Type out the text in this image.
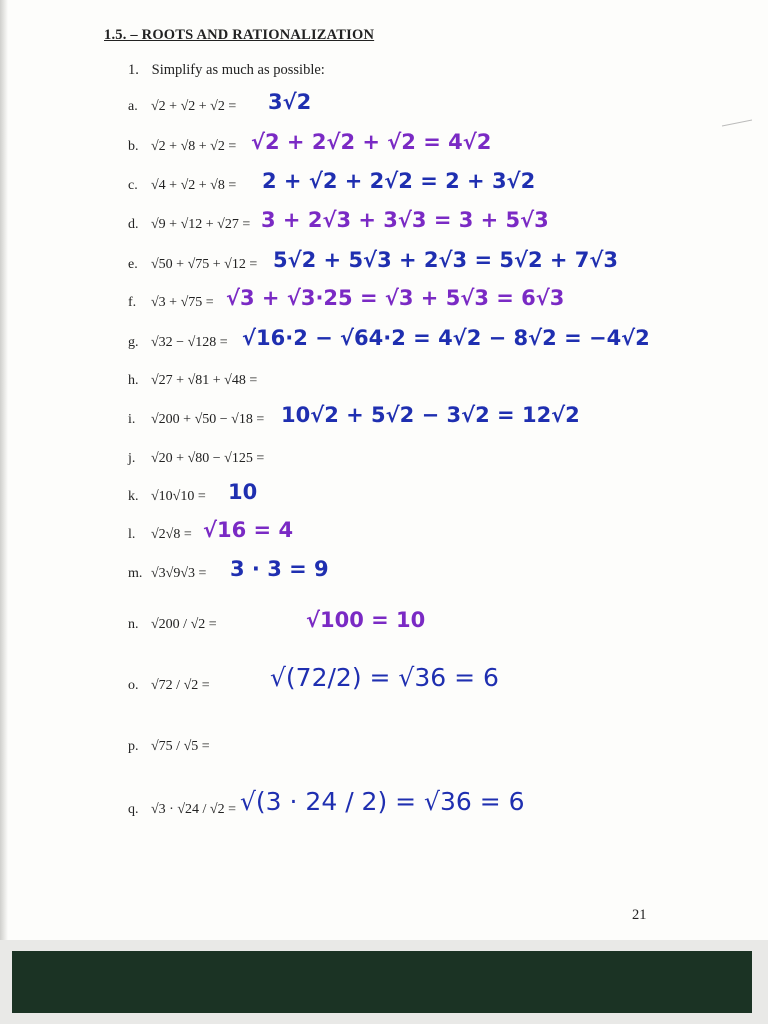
1.5. – ROOTS AND RATIONALIZATION
1. Simplify as much as possible:
a. √2 + √2 + √2 = 3√2
b. √2 + √8 + √2 = √2 + 2√2 + √2 = 4√2
c. √4 + √2 + √8 = 2 + √2 + 2√2 = 2 + 3√2
d. √9 + √12 + √27 = 3 + 2√3 + 3√3 = 3 + 5√3
e. √50 + √75 + √12 = 5√2 + 5√3 + 2√3 = 5√2 + 7√3
f.	√3 + √75 = √3 + √3·25 = √3 + 5√3 = 6√3
g. √32 − √128 = √16·2 − √64·2 = 4√2 − 8√2 = −4√2
h. √27 + √81 + √48 =
i.	√200 + √50 − √18 = 10√2 + 5√2 − 3√2 = 12√2
j.	√20 + √80 − √125 =
k. √10√10 = 10
l.	√2√8 = √16 = 4
m. √3√9√3 = 3 · 3 = 9
n. √200 / √2 =	√100 = 10
o. √72 / √2 = √(72/2) = √36 = 6
p. √75 / √5 =
q. √3 · √24 / √2 = √(3 · 24 / 2) = √36 = 6
21
